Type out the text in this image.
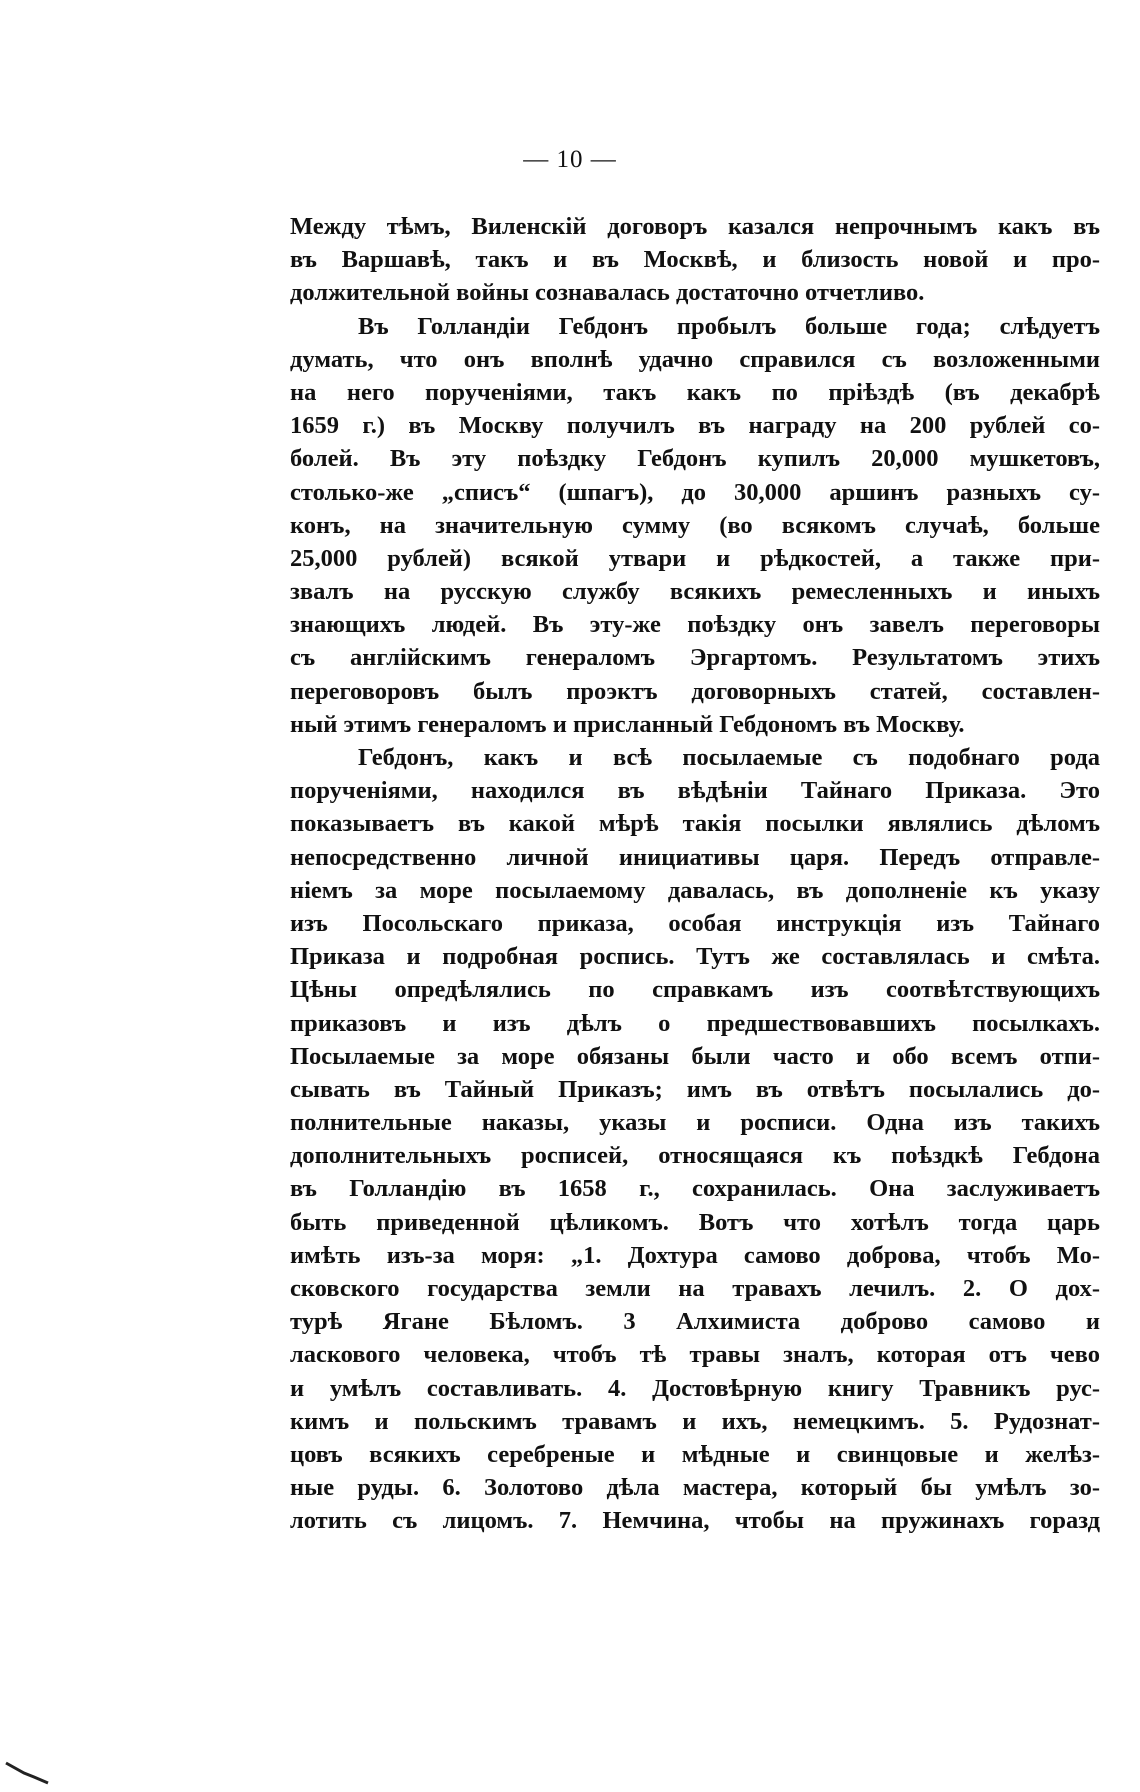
— 10 —
Между тѣмъ, Виленскій договоръ казался непрочнымъ какъ въ
въ Варшавѣ, такъ и въ Москвѣ, и близость новой и про-
должительной войны сознавалась достаточно отчетливо.
Въ Голландіи Гебдонъ пробылъ больше года; слѣдуетъ
думать, что онъ вполнѣ удачно справился съ возложенными
на него порученіями, такъ какъ по пріѣздѣ (въ декабрѣ
1659 г.) въ Москву получилъ въ награду на 200 рублей со-
болей. Въ эту поѣздку Гебдонъ купилъ 20,000 мушкетовъ,
столько-же „списъ“ (шпагъ), до 30,000 аршинъ разныхъ су-
конъ, на значительную сумму (во всякомъ случаѣ, больше
25,000 рублей) всякой утвари и рѣдкостей, а также при-
звалъ на русскую службу всякихъ ремесленныхъ и иныхъ
знающихъ людей. Въ эту-же поѣздку онъ завелъ переговоры
съ англійскимъ генераломъ Эргартомъ. Результатомъ этихъ
переговоровъ былъ проэктъ договорныхъ статей, составлен-
ный этимъ генераломъ и присланный Гебдономъ въ Москву.
Гебдонъ, какъ и всѣ посылаемые съ подобнаго рода
порученіями, находился въ вѣдѣніи Тайнаго Приказа. Это
показываетъ въ какой мѣрѣ такія посылки являлись дѣломъ
непосредственно личной инициативы царя. Передъ отправле-
ніемъ за море посылаемому давалась, въ дополненіе къ указу
изъ Посольскаго приказа, особая инструкція изъ Тайнаго
Приказа и подробная роспись. Тутъ же составлялась и смѣта.
Цѣны опредѣлялись по справкамъ изъ соотвѣтствующихъ
приказовъ и изъ дѣлъ о предшествовавшихъ посылкахъ.
Посылаемые за море обязаны были часто и обо всемъ отпи-
сывать въ Тайный Приказъ; имъ въ отвѣтъ посылались до-
полнительные наказы, указы и росписи. Одна изъ такихъ
дополнительныхъ росписей, относящаяся къ поѣздкѣ Гебдона
въ Голландію въ 1658 г., сохранилась. Она заслуживаетъ
быть приведенной цѣликомъ. Вотъ что хотѣлъ тогда царь
имѣть изъ-за моря: „1. Дохтура самово доброва, чтобъ Мо-
сковского государства земли на травахъ лечилъ. 2. О дох-
турѣ Ягане Бѣломъ. 3 Алхимиста доброво самово и
ласкового человека, чтобъ тѣ травы зналъ, которая отъ чево
и умѣлъ составливать. 4. Достовѣрную книгу Травникъ рус-
кимъ и польскимъ травамъ и ихъ, немецкимъ. 5. Рудознат-
цовъ всякихъ серебреные и мѣдные и свинцовые и желѣз-
ные руды. 6. Золотово дѣла мастера, который бы умѣлъ зо-
лотить съ лицомъ. 7. Немчина, чтобы на пружинахъ горазд
